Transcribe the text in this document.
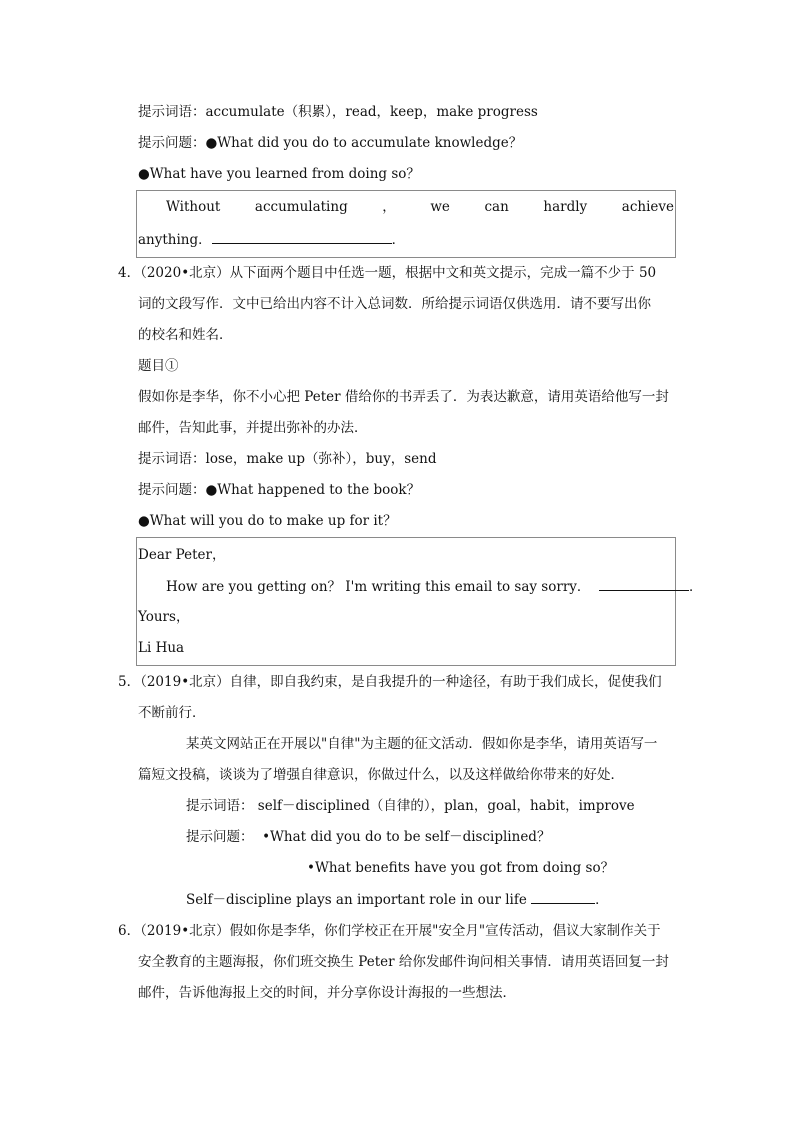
提示词语：accumulate（积累），read，keep，make progress
提示问题：●What did you do to accumulate knowledge？
●What have you learned from doing so？
Without	accumulating	，	we	can	hardly	achieve
anything．	．
4．（2020•北京）从下面两个题目中任选一题，根据中文和英文提示，完成一篇不少于 50
词的文段写作．文中已给出内容不计入总词数．所给提示词语仅供选用．请不要写出你
的校名和姓名．
题目①
假如你是李华，你不小心把 Peter 借给你的书弄丢了．为表达歉意，请用英语给他写一封
邮件，告知此事，并提出弥补的办法．
提示词语：lose，make up（弥补），buy，send
提示问题：●What happened to the book？
●What will you do to make up for it？
Dear Peter，
How are you getting on？ I'm writing this email to say sorry．	．
Yours，
Li Hua
5．（2019•北京）自律，即自我约束，是自我提升的一种途径，有助于我们成长，促使我们
不断前行．
某英文网站正在开展以"自律"为主题的征文活动．假如你是李华，请用英语写一
篇短文投稿，谈谈为了增强自律意识，你做过什么，以及这样做给你带来的好处．
提示词语： self－disciplined（自律的），plan，goal，habit，improve
提示问题： •What did you do to be self－disciplined？
•What benefits have you got from doing so？
Self－discipline plays an important role in our life	．
6．（2019•北京）假如你是李华，你们学校正在开展"安全月"宣传活动，倡议大家制作关于
安全教育的主题海报，你们班交换生 Peter 给你发邮件询问相关事情．请用英语回复一封
邮件，告诉他海报上交的时间，并分享你设计海报的一些想法．
